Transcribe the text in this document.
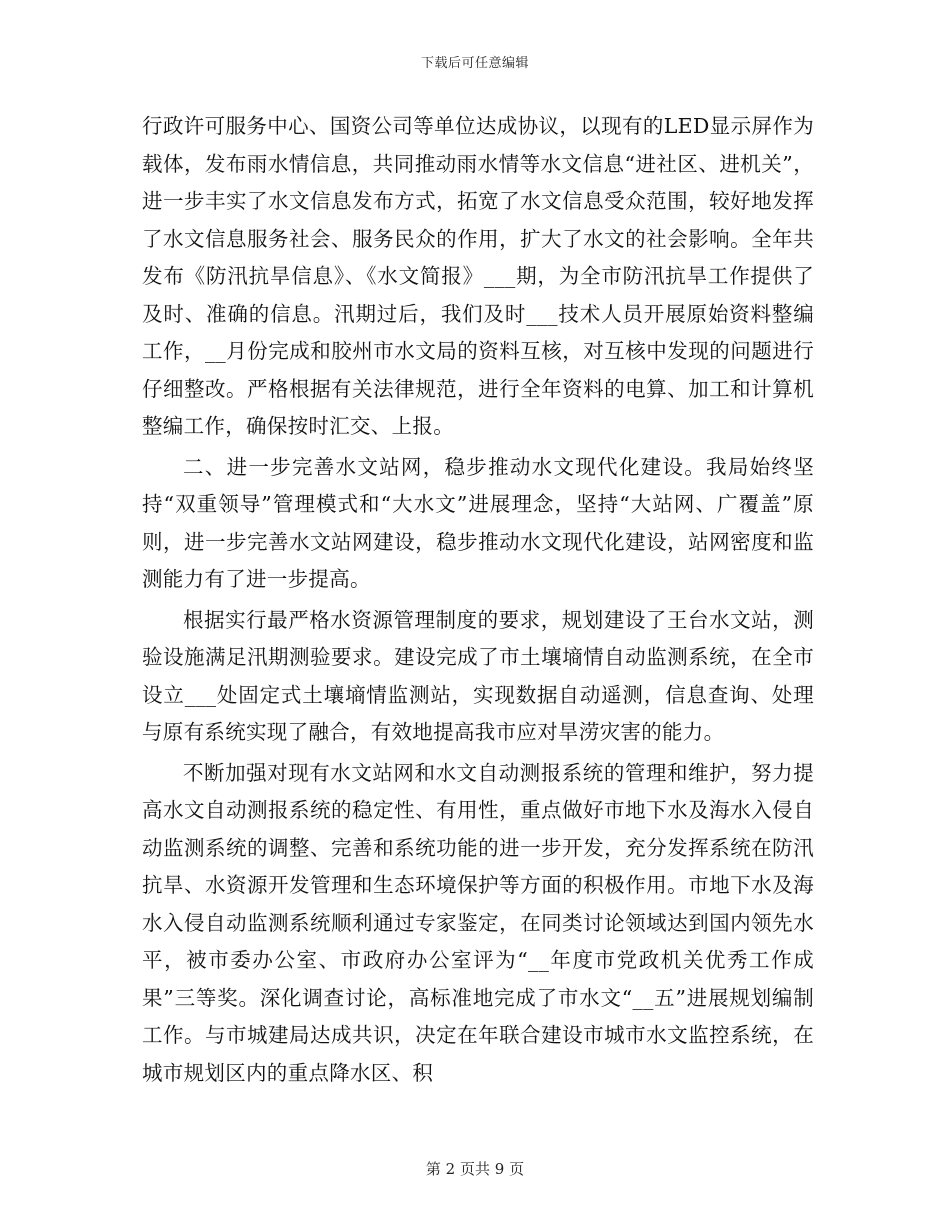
下载后可任意编辑

行政许可服务中心、国资公司等单位达成协议，以现有的LED显示屏作为载体，发布雨水情信息，共同推动雨水情等水文信息“进社区、进机关”，进一步丰实了水文信息发布方式，拓宽了水文信息受众范围，较好地发挥了水文信息服务社会、服务民众的作用，扩大了水文的社会影响。全年共发布《防汛抗旱信息》、《水文简报》___期，为全市防汛抗旱工作提供了及时、准确的信息。汛期过后，我们及时___技术人员开展原始资料整编工作，__月份完成和胶州市水文局的资料互核，对互核中发现的问题进行仔细整改。严格根据有关法律规范，进行全年资料的电算、加工和计算机整编工作，确保按时汇交、上报。

二、进一步完善水文站网，稳步推动水文现代化建设。我局始终坚持“双重领导”管理模式和“大水文”进展理念，坚持“大站网、广覆盖”原则，进一步完善水文站网建设，稳步推动水文现代化建设，站网密度和监测能力有了进一步提高。

根据实行最严格水资源管理制度的要求，规划建设了王台水文站，测验设施满足汛期测验要求。建设完成了市土壤墒情自动监测系统，在全市设立___处固定式土壤墒情监测站，实现数据自动遥测，信息查询、处理与原有系统实现了融合，有效地提高我市应对旱涝灾害的能力。

不断加强对现有水文站网和水文自动测报系统的管理和维护，努力提高水文自动测报系统的稳定性、有用性，重点做好市地下水及海水入侵自动监测系统的调整、完善和系统功能的进一步开发，充分发挥系统在防汛抗旱、水资源开发管理和生态环境保护等方面的积极作用。市地下水及海水入侵自动监测系统顺利通过专家鉴定，在同类讨论领域达到国内领先水平，被市委办公室、市政府办公室评为“__年度市党政机关优秀工作成果”三等奖。深化调查讨论，高标准地完成了市水文“__五”进展规划编制工作。与市城建局达成共识，决定在年联合建设市城市水文监控系统，在城市规划区内的重点降水区、积

第 2 页共 9 页
